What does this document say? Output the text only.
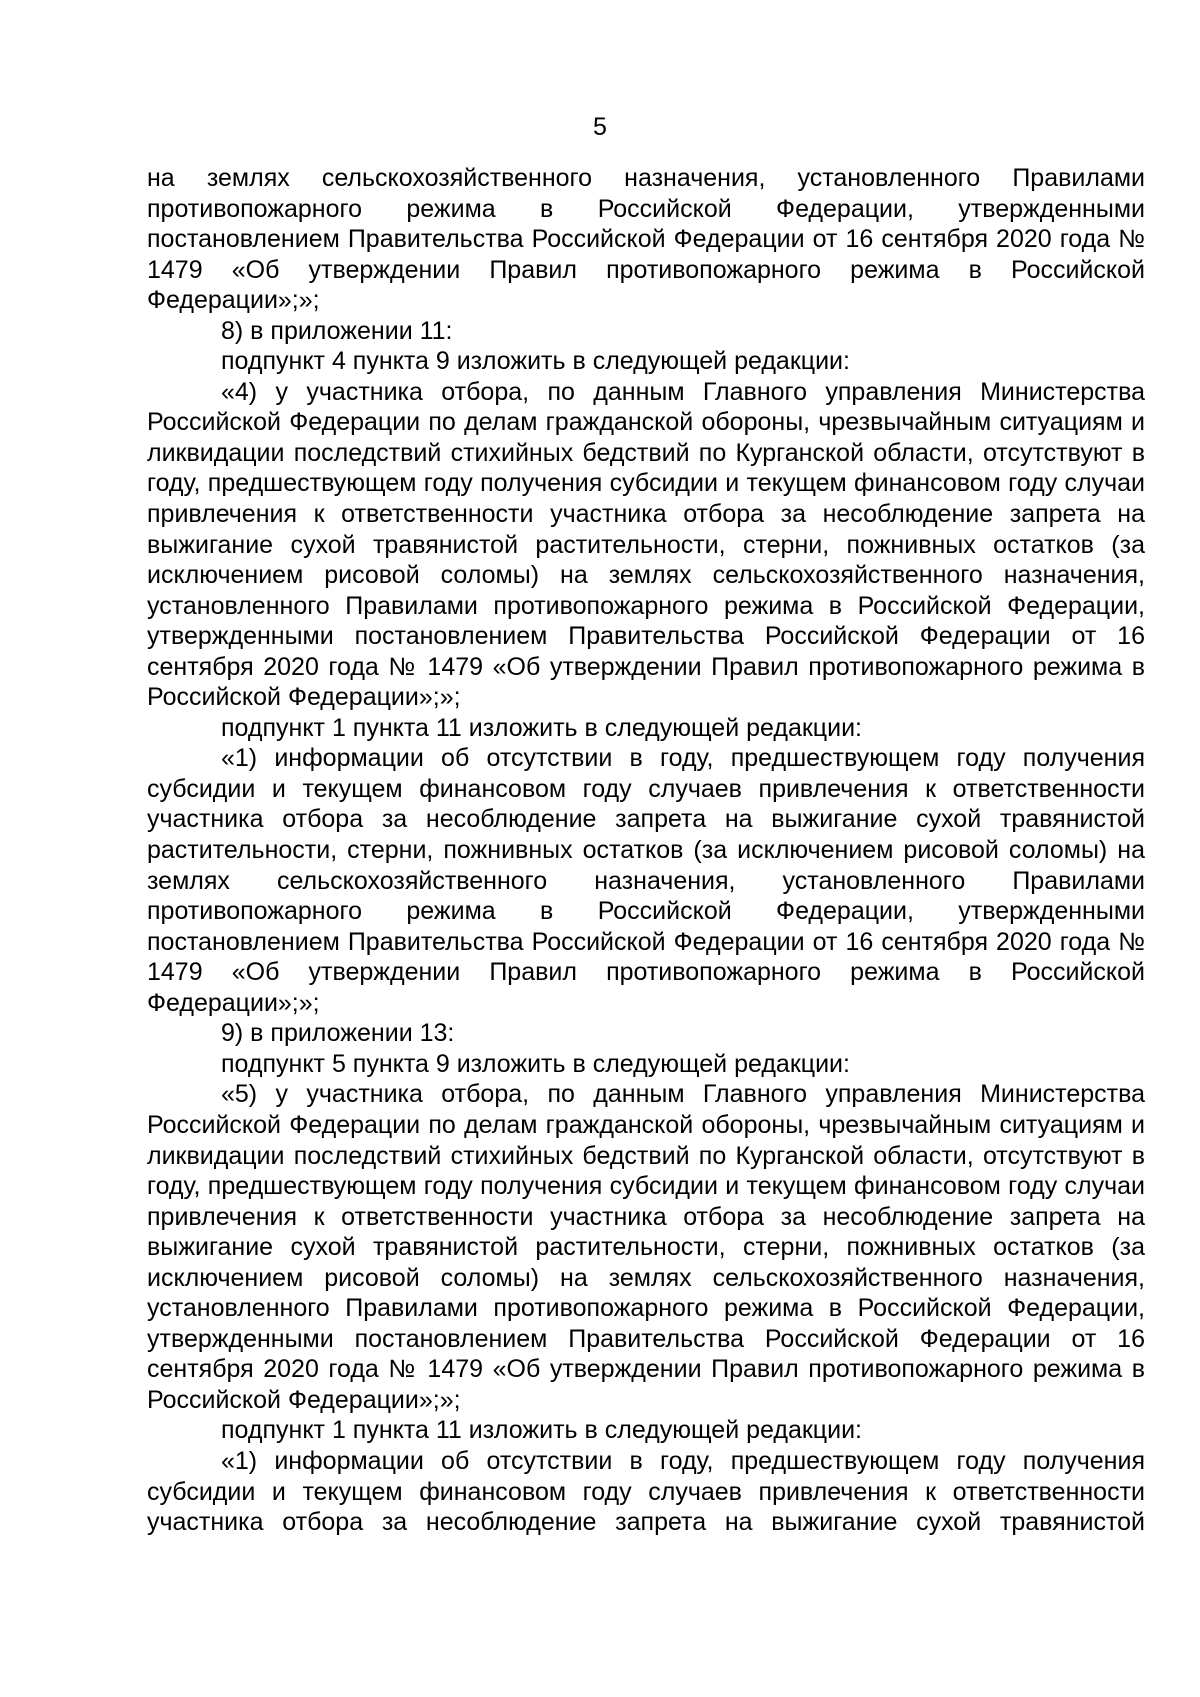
5

на землях сельскохозяйственного назначения, установленного Правилами противопожарного режима в Российской Федерации, утвержденными постановлением Правительства Российской Федерации от 16 сентября 2020 года № 1479 «Об утверждении Правил противопожарного режима в Российской Федерации»;»;

8) в приложении 11:

подпункт 4 пункта 9 изложить в следующей редакции:

«4) у участника отбора, по данным Главного управления Министерства Российской Федерации по делам гражданской обороны, чрезвычайным ситуациям и ликвидации последствий стихийных бедствий по Курганской области, отсутствуют в году, предшествующем году получения субсидии и текущем финансовом году случаи привлечения к ответственности участника отбора за несоблюдение запрета на выжигание сухой травянистой растительности, стерни, пожнивных остатков (за исключением рисовой соломы) на землях сельскохозяйственного назначения, установленного Правилами противопожарного режима в Российской Федерации, утвержденными постановлением Правительства Российской Федерации от 16 сентября 2020 года № 1479 «Об утверждении Правил противопожарного режима в Российской Федерации»;»;

подпункт 1 пункта 11 изложить в следующей редакции:

«1) информации об отсутствии в году, предшествующем году получения субсидии и текущем финансовом году случаев привлечения к ответственности участника отбора за несоблюдение запрета на выжигание сухой травянистой растительности, стерни, пожнивных остатков (за исключением рисовой соломы) на землях сельскохозяйственного назначения, установленного Правилами противопожарного режима в Российской Федерации, утвержденными постановлением Правительства Российской Федерации от 16 сентября 2020 года № 1479 «Об утверждении Правил противопожарного режима в Российской Федерации»;»;

9) в приложении 13:

подпункт 5 пункта 9 изложить в следующей редакции:

«5) у участника отбора, по данным Главного управления Министерства Российской Федерации по делам гражданской обороны, чрезвычайным ситуациям и ликвидации последствий стихийных бедствий по Курганской области, отсутствуют в году, предшествующем году получения субсидии и текущем финансовом году случаи привлечения к ответственности участника отбора за несоблюдение запрета на выжигание сухой травянистой растительности, стерни, пожнивных остатков (за исключением рисовой соломы) на землях сельскохозяйственного назначения, установленного Правилами противопожарного режима в Российской Федерации, утвержденными постановлением Правительства Российской Федерации от 16 сентября 2020 года № 1479 «Об утверждении Правил противопожарного режима в Российской Федерации»;»;

подпункт 1 пункта 11 изложить в следующей редакции:

«1) информации об отсутствии в году, предшествующем году получения субсидии и текущем финансовом году случаев привлечения к ответственности участника отбора за несоблюдение запрета на выжигание сухой травянистой
